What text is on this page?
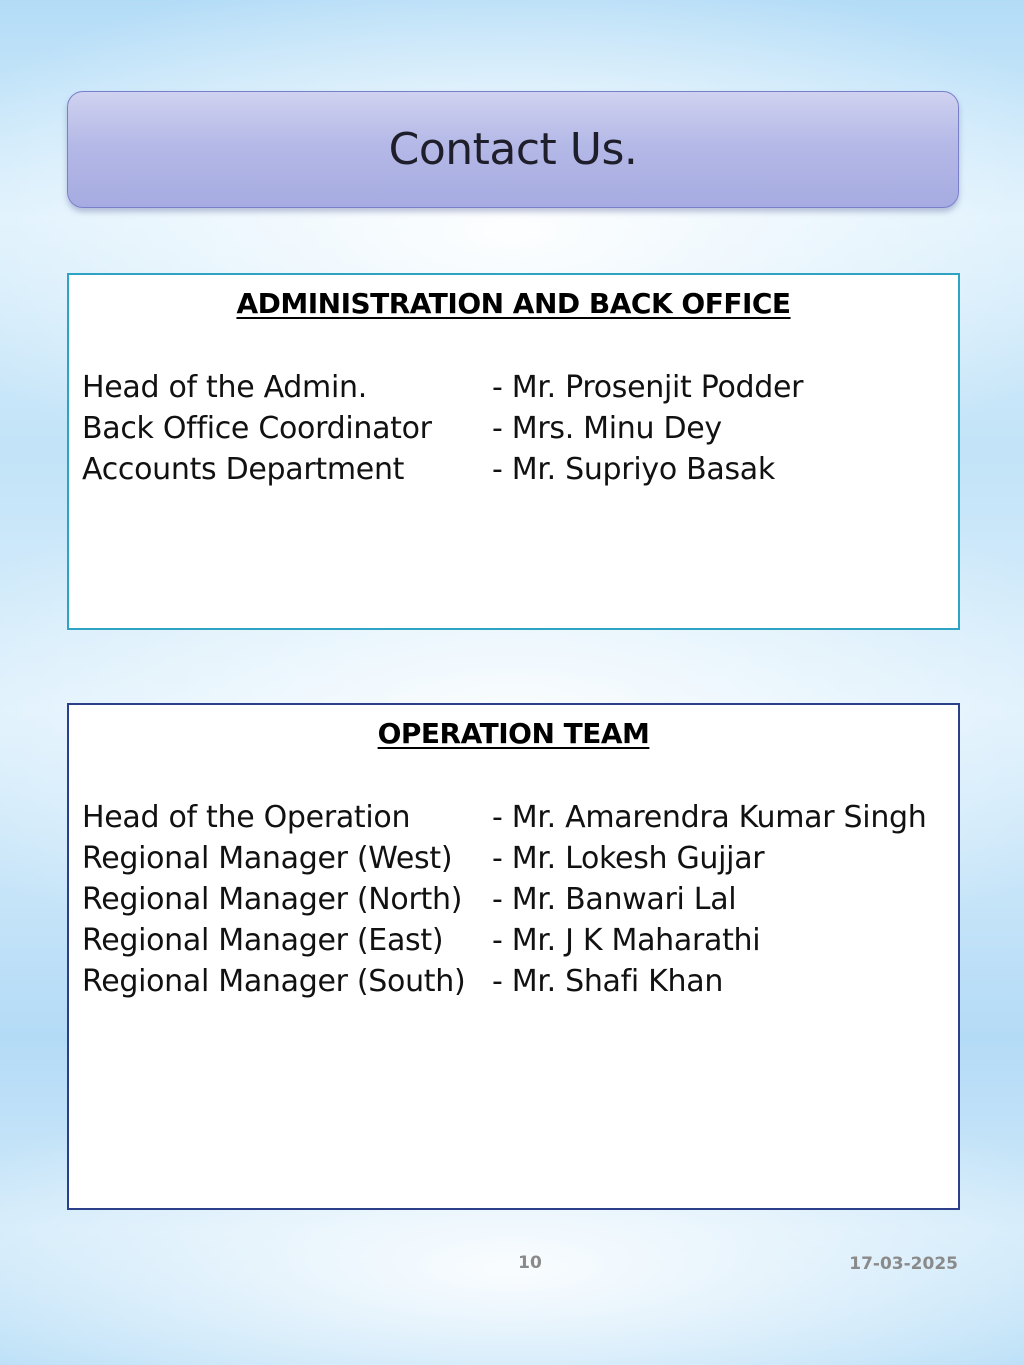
Contact Us.
ADMINISTRATION AND BACK OFFICE
Head of the Admin.	- Mr. Prosenjit Podder
Back Office Coordinator	- Mrs. Minu Dey
Accounts Department	- Mr. Supriyo Basak
OPERATION TEAM
Head of the Operation	- Mr. Amarendra Kumar Singh
Regional Manager (West)	- Mr. Lokesh Gujjar
Regional Manager (North) - Mr. Banwari Lal
Regional Manager (East)	- Mr. J K Maharathi
Regional Manager (South) - Mr. Shafi Khan
10	17-03-2025
